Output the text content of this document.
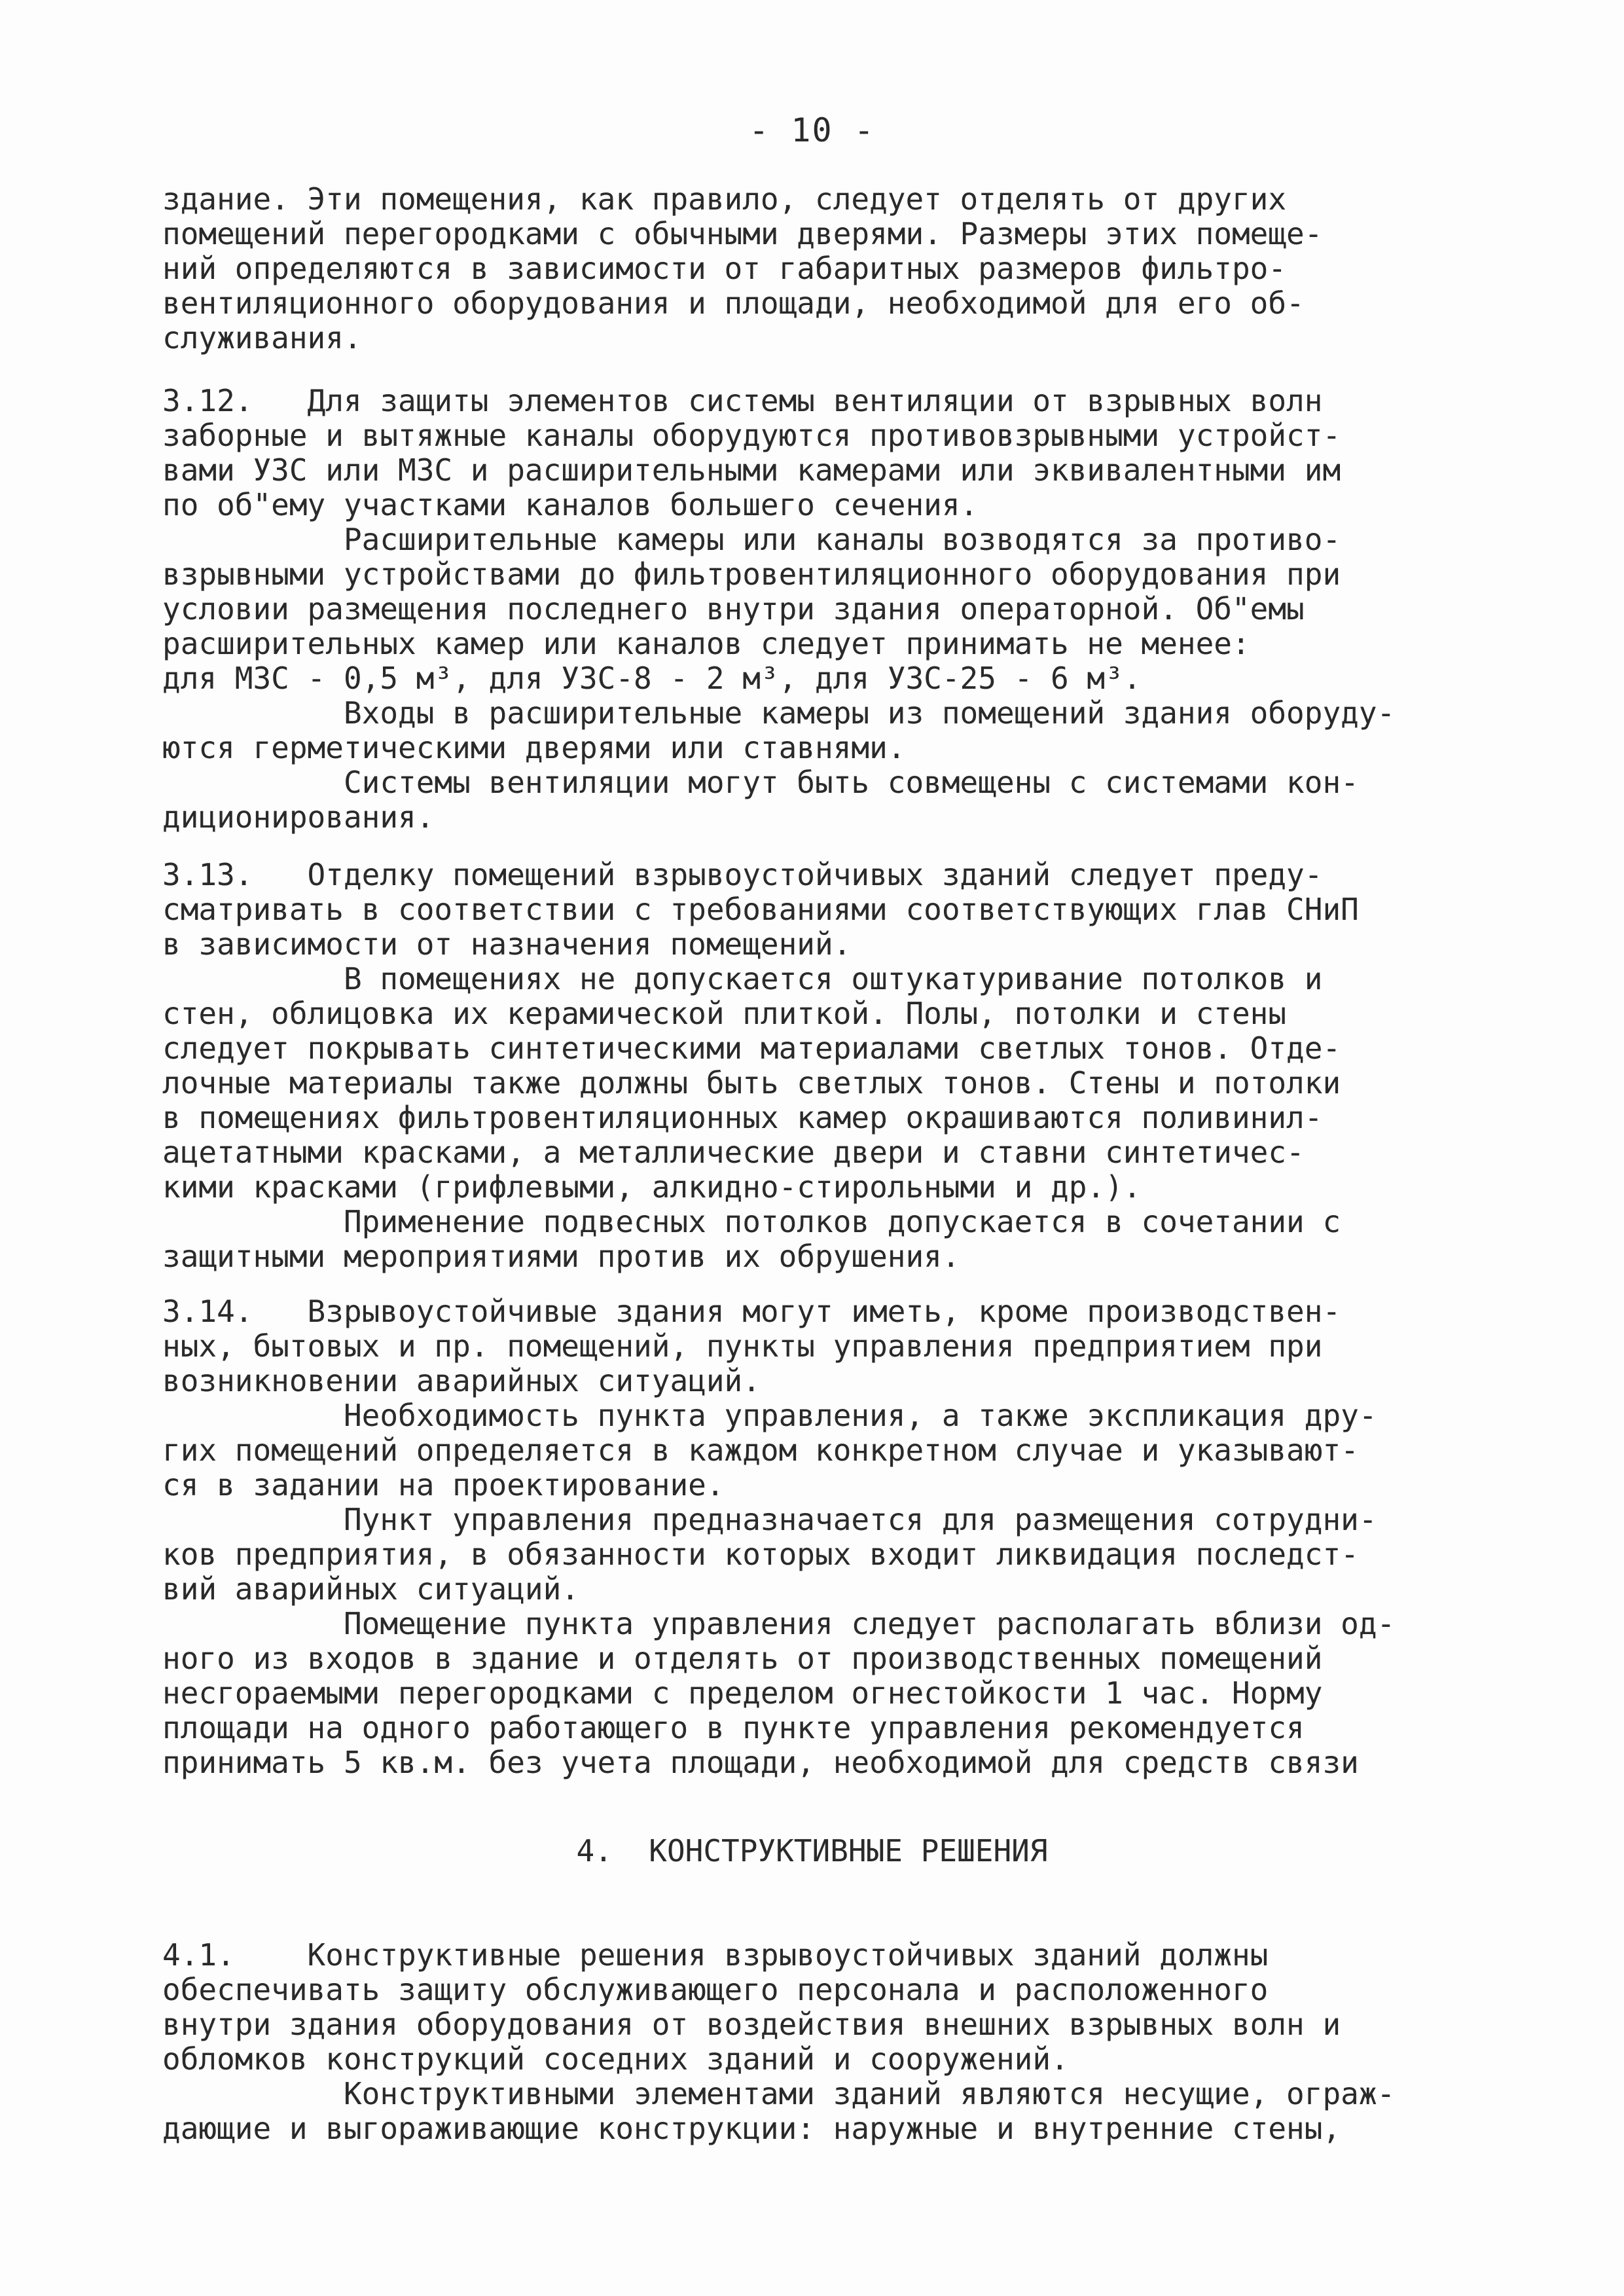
- 10 -
здание. Эти помещения, как правило, следует отделять от других
помещений перегородками с обычными дверями. Размеры этих помеще-
ний определяются в зависимости от габаритных размеров фильтро-
вентиляционного оборудования и площади, необходимой для его об-
служивания.
3.12.   Для защиты элементов системы вентиляции от взрывных волн
заборные и вытяжные каналы оборудуются противовзрывными устройст-
вами УЗС или МЗС и расширительными камерами или эквивалентными им
по об"ему участками каналов большего сечения.
Расширительные камеры или каналы возводятся за противо-
взрывными устройствами до фильтровентиляционного оборудования при
условии размещения последнего внутри здания операторной. Об"емы
расширительных камер или каналов следует принимать не менее:
для МЗС - 0,5 м³, для УЗС-8 - 2 м³, для УЗС-25 - 6 м³.
Входы в расширительные камеры из помещений здания оборуду-
ются герметическими дверями или ставнями.
Системы вентиляции могут быть совмещены с системами кон-
диционирования.
3.13.   Отделку помещений взрывоустойчивых зданий следует преду-
сматривать в соответствии с требованиями соответствующих глав СНиП
в зависимости от назначения помещений.
В помещениях не допускается оштукатуривание потолков и
стен, облицовка их керамической плиткой. Полы, потолки и стены
следует покрывать синтетическими материалами светлых тонов. Отде-
лочные материалы также должны быть светлых тонов. Стены и потолки
в помещениях фильтровентиляционных камер окрашиваются поливинил-
ацетатными красками, а металлические двери и ставни синтетичес-
кими красками (грифлевыми, алкидно-стирольными и др.).
Применение подвесных потолков допускается в сочетании с
защитными мероприятиями против их обрушения.
3.14.   Взрывоустойчивые здания могут иметь, кроме производствен-
ных, бытовых и пр. помещений, пункты управления предприятием при
возникновении аварийных ситуаций.
Необходимость пункта управления, а также экспликация дру-
гих помещений определяется в каждом конкретном случае и указывают-
ся в задании на проектирование.
Пункт управления предназначается для размещения сотрудни-
ков предприятия, в обязанности которых входит ликвидация последст-
вий аварийных ситуаций.
Помещение пункта управления следует располагать вблизи од-
ного из входов в здание и отделять от производственных помещений
несгораемыми перегородками с пределом огнестойкости 1 час. Норму
площади на одного работающего в пункте управления рекомендуется
принимать 5 кв.м. без учета площади, необходимой для средств связи
4.  КОНСТРУКТИВНЫЕ РЕШЕНИЯ
4.1.    Конструктивные решения взрывоустойчивых зданий должны
обеспечивать защиту обслуживающего персонала и расположенного
внутри здания оборудования от воздействия внешних взрывных волн и
обломков конструкций соседних зданий и сооружений.
Конструктивными элементами зданий являются несущие, ограж-
дающие и выгораживающие конструкции: наружные и внутренние стены,
